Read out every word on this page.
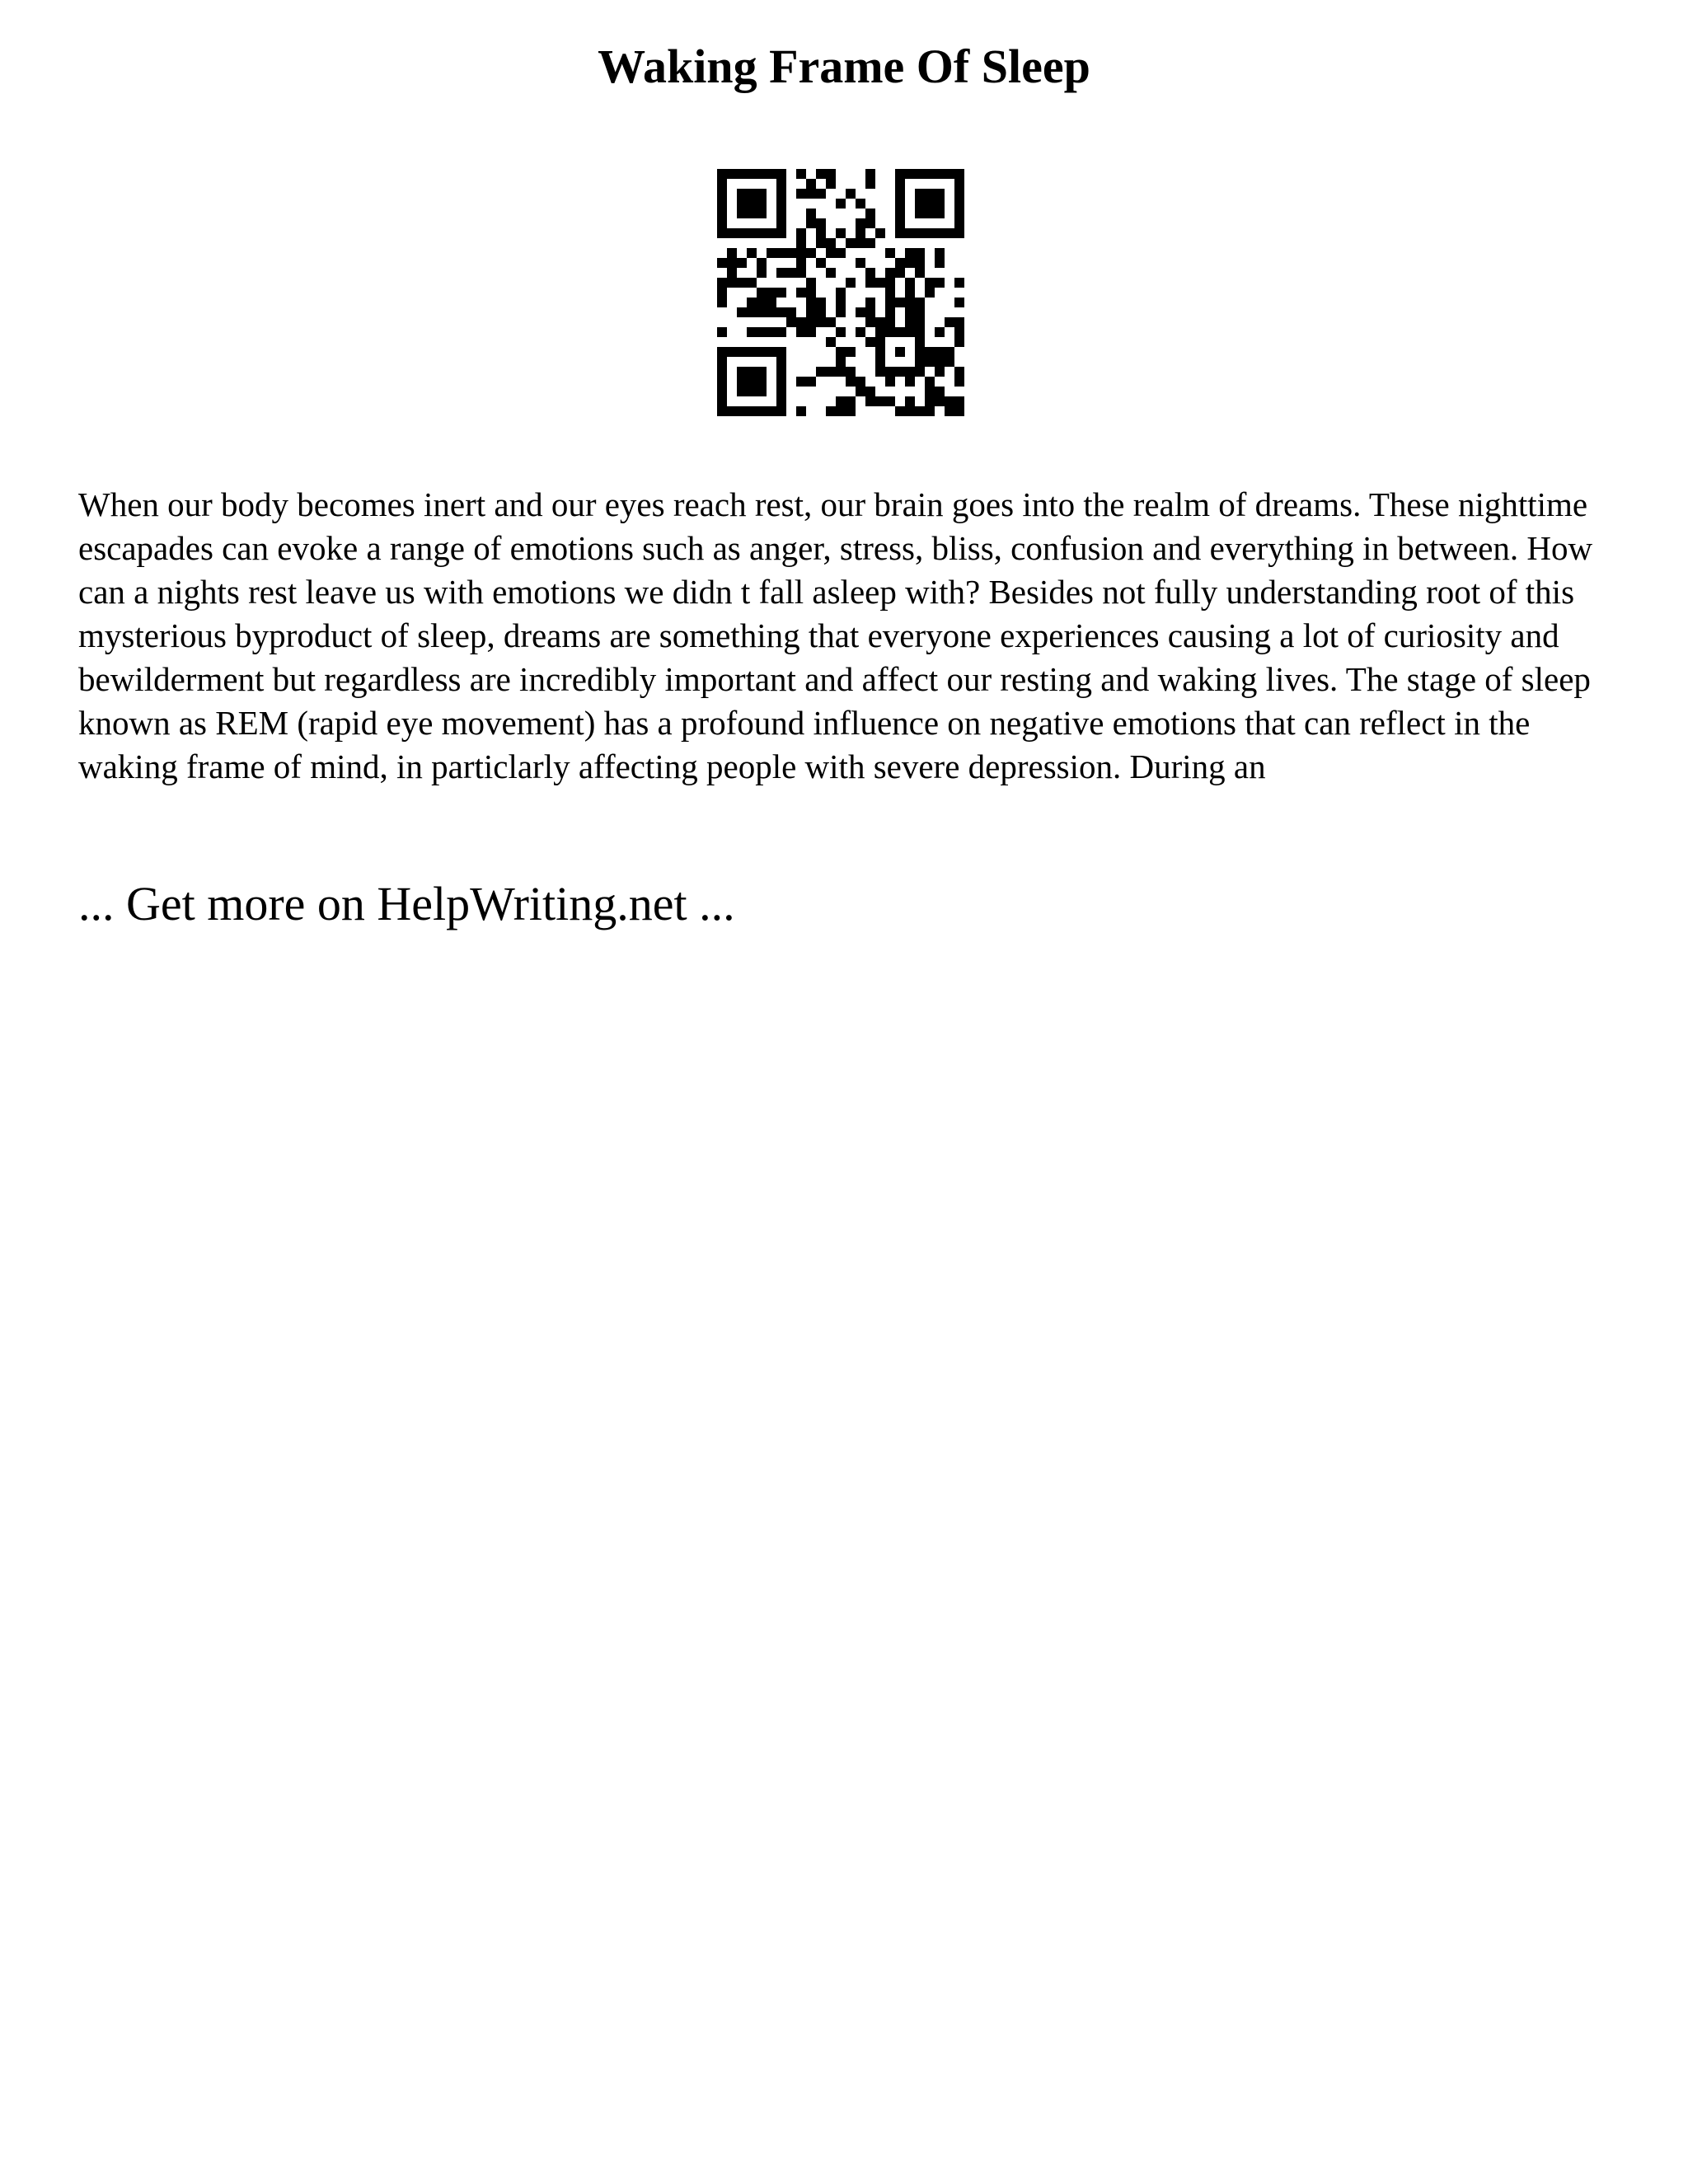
Waking Frame Of Sleep

When our body becomes inert and our eyes reach rest, our brain goes into the realm of dreams. These nighttime escapades can evoke a range of emotions such as anger, stress, bliss, confusion and everything in between. How can a nights rest leave us with emotions we didn t fall asleep with? Besides not fully understanding root of this mysterious byproduct of sleep, dreams are something that everyone experiences causing a lot of curiosity and bewilderment but regardless are incredibly important and affect our resting and waking lives. The stage of sleep known as REM (rapid eye movement) has a profound influence on negative emotions that can reflect in the waking frame of mind, in particlarly affecting people with severe depression. During an

... Get more on HelpWriting.net ...
